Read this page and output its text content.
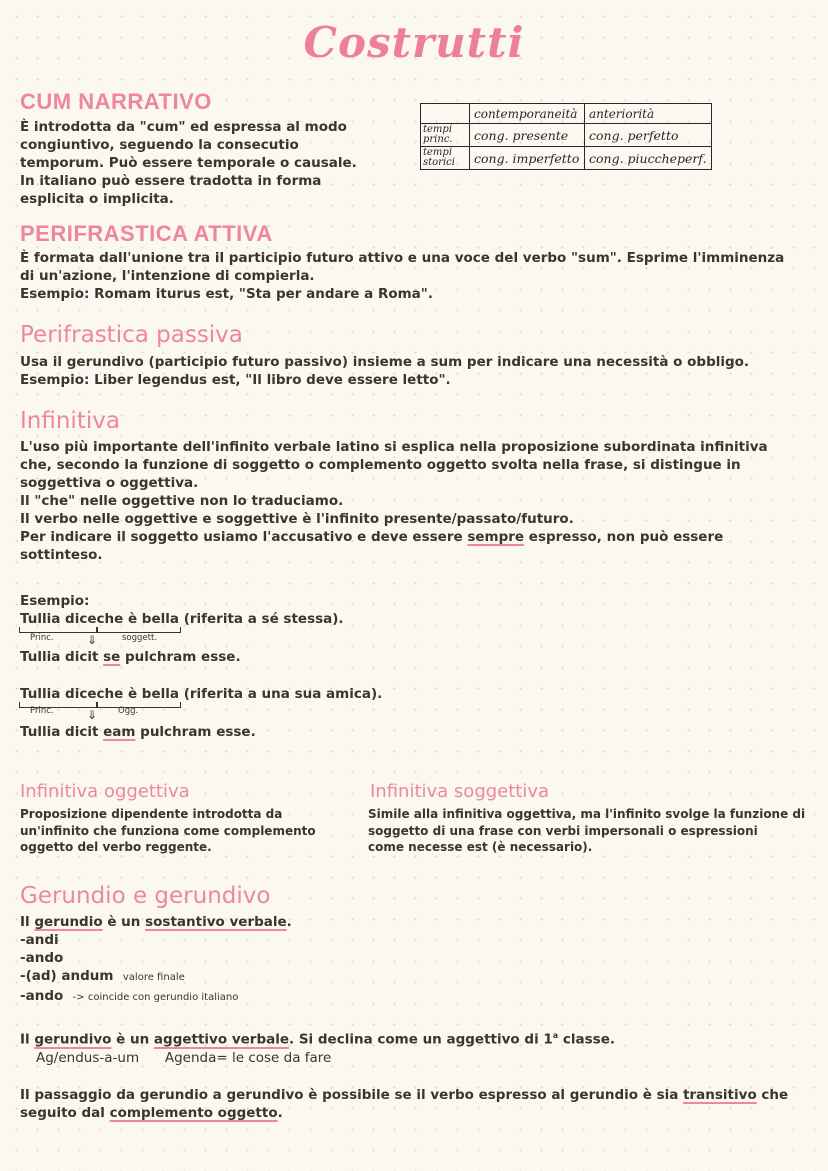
Costrutti
CUM NARRATIVO
È introdotta da "cum" ed espressa al modo
congiuntivo, seguendo la consecutio
temporum. Può essere temporale o causale.
In italiano può essere tradotta in forma
esplicita o implicita.
	contemporaneità	anteriorità
tempi
princ.	cong. presente	cong. perfetto
tempi
storici	cong. imperfetto	cong. piuccheperf.
PERIFRASTICA ATTIVA
È formata dall'unione tra il participio futuro attivo e una voce del verbo "sum". Esprime l'imminenza
di un'azione, l'intenzione di compierla.
Esempio: Romam iturus est, "Sta per andare a Roma".
Perifrastica passiva
Usa il gerundivo (participio futuro passivo) insieme a sum per indicare una necessità o obbligo.
Esempio: Liber legendus est, "Il libro deve essere letto".
Infinitiva
L'uso più importante dell'infinito verbale latino si esplica nella proposizione subordinata infinitiva
che, secondo la funzione di soggetto o complemento oggetto svolta nella frase, si distingue in
soggettiva o oggettiva.
Il "che" nelle oggettive non lo traduciamo.
Il verbo nelle oggettive e soggettive è l'infinito presente/passato/futuro.
Per indicare il soggetto usiamo l'accusativo e deve essere sempre espresso, non può essere
sottinteso.
Esempio:
Tullia diceche è bella (riferita a sé stessa).
Princ.	soggett.
⇓
Tullia dicit se pulchram esse.
Tullia diceche è bella (riferita a una sua amica).
Princ.	Ogg.
⇓
Tullia dicit eam pulchram esse.
Infinitiva oggettiva
Proposizione dipendente introdotta da
un'infinito che funziona come complemento
oggetto del verbo reggente.
Infinitiva soggettiva
Simile alla infinitiva oggettiva, ma l'infinito svolge la funzione di
soggetto di una frase con verbi impersonali o espressioni
come necesse est (è necessario).
Gerundio e gerundivo
Il gerundio è un sostantivo verbale.
-andi
-ando
-(ad) andum valore finale
-ando -> coincide con gerundio italiano
Il gerundivo è un aggettivo verbale. Si declina come un aggettivo di 1$^a$ classe.
Ag/endus-a-um Agenda= le cose da fare
Il passaggio da gerundio a gerundivo è possibile se il verbo espresso al gerundio è sia transitivo che
seguito dal complemento oggetto.
